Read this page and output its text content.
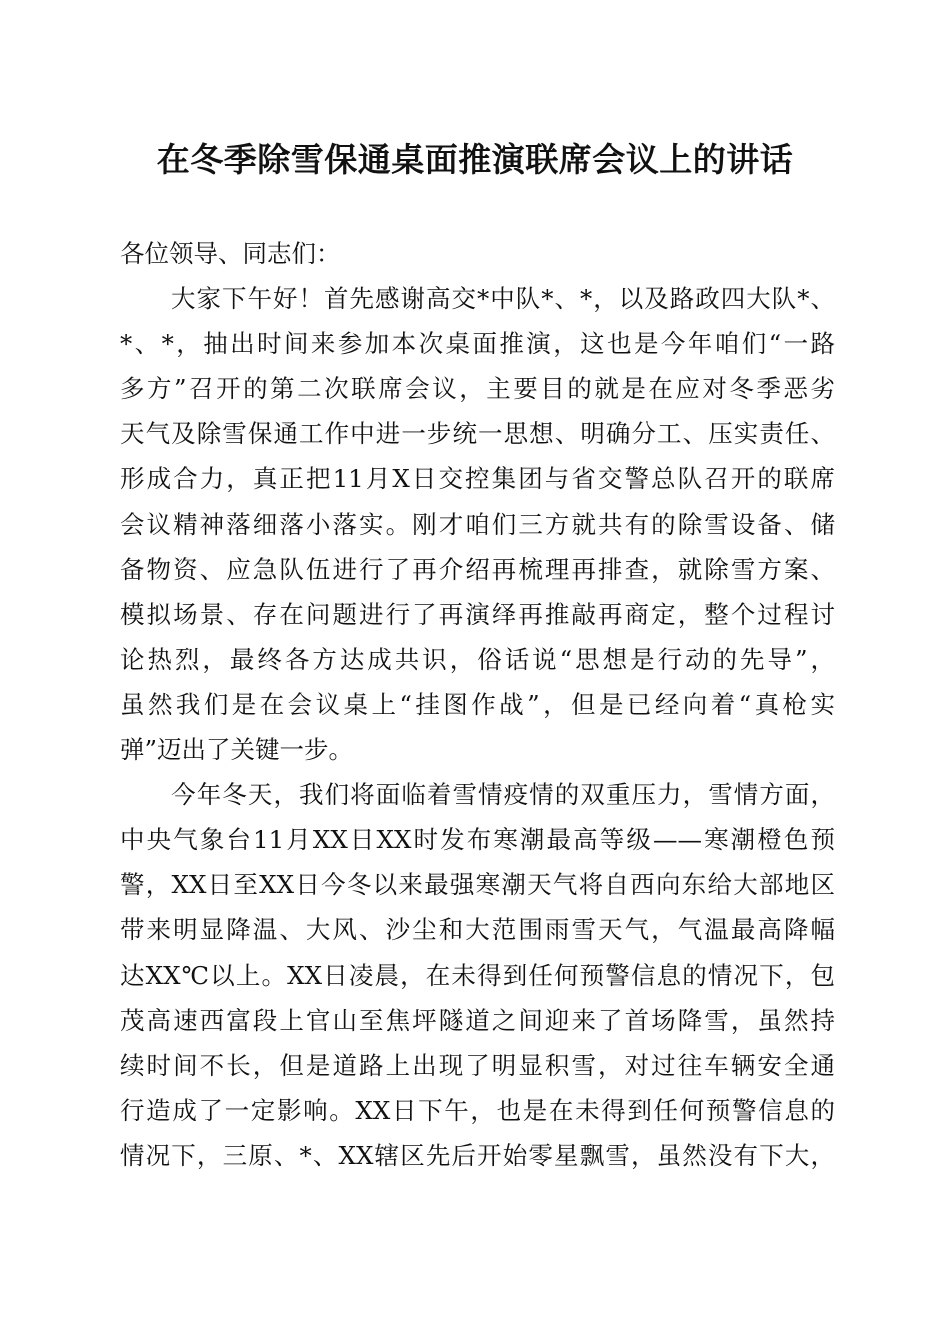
在冬季除雪保通桌面推演联席会议上的讲话
各位领导、同志们：
　　大家下午好！首先感谢高交*中队*、*，以及路政四大队*、
*、*，抽出时间来参加本次桌面推演，这也是今年咱们“一路
多方”召开的第二次联席会议，主要目的就是在应对冬季恶劣
天气及除雪保通工作中进一步统一思想、明确分工、压实责任、
形成合力，真正把11月X日交控集团与省交警总队召开的联席
会议精神落细落小落实。刚才咱们三方就共有的除雪设备、储
备物资、应急队伍进行了再介绍再梳理再排查，就除雪方案、
模拟场景、存在问题进行了再演绎再推敲再商定，整个过程讨
论热烈，最终各方达成共识，俗话说“思想是行动的先导”，
虽然我们是在会议桌上“挂图作战”，但是已经向着“真枪实
弹”迈出了关键一步。
　　今年冬天，我们将面临着雪情疫情的双重压力，雪情方面，
中央气象台11月XX日XX时发布寒潮最高等级——寒潮橙色预
警，XX日至XX日今冬以来最强寒潮天气将自西向东给大部地区
带来明显降温、大风、沙尘和大范围雨雪天气，气温最高降幅
达XX℃以上。XX日凌晨，在未得到任何预警信息的情况下，包
茂高速西富段上官山至焦坪隧道之间迎来了首场降雪，虽然持
续时间不长，但是道路上出现了明显积雪，对过往车辆安全通
行造成了一定影响。XX日下午，也是在未得到任何预警信息的
情况下，三原、*、XX辖区先后开始零星飘雪，虽然没有下大，
